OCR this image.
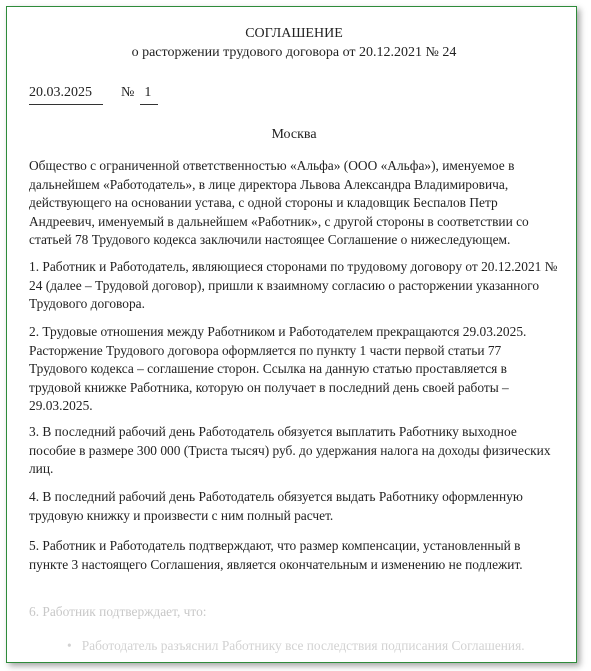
СОГЛАШЕНИЕ
о расторжении трудового договора от 20.12.2021 № 24
20.03.2025 № 1
Москва

Общество с ограниченной ответственностью «Альфа» (ООО «Альфа»), именуемое в дальнейшем «Работодатель», в лице директора Львова Александра Владимировича, действующего на основании устава, с одной стороны и кладовщик Беспалов Петр Андреевич, именуемый в дальнейшем «Работник», с другой стороны в соответствии со статьей 78 Трудового кодекса заключили настоящее Соглашение о нижеследующем.

1. Работник и Работодатель, являющиеся сторонами по трудовому договору от 20.12.2021 № 24 (далее – Трудовой договор), пришли к взаимному согласию о расторжении указанного Трудового договора.

2. Трудовые отношения между Работником и Работодателем прекращаются 29.03.2025. Расторжение Трудового договора оформляется по пункту 1 части первой статьи 77 Трудового кодекса – соглашение сторон. Ссылка на данную статью проставляется в трудовой книжке Работника, которую он получает в последний день своей работы – 29.03.2025.

3. В последний рабочий день Работодатель обязуется выплатить Работнику выходное пособие в размере 300 000 (Триста тысяч) руб. до удержания налога на доходы физических лиц.

4. В последний рабочий день Работодатель обязуется выдать Работнику оформленную трудовую книжку и произвести с ним полный расчет.

5. Работник и Работодатель подтверждают, что размер компенсации, установленный в пункте 3 настоящего Соглашения, является окончательным и изменению не подлежит.

6. Работник подтверждает, что:

• Работодатель разъяснил Работнику все последствия подписания Соглашения.
